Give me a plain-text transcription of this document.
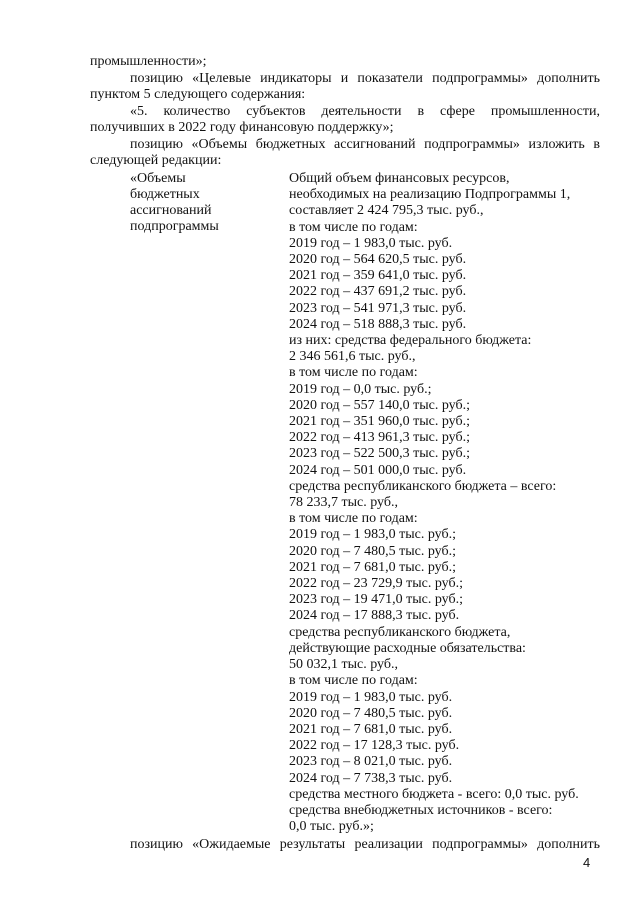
промышленности»;
позицию «Целевые индикаторы и показатели подпрограммы» дополнить
пунктом 5 следующего содержания:
«5. количество субъектов деятельности в сфере промышленности,
получивших в 2022 году финансовую поддержку»;
позицию «Объемы бюджетных ассигнований подпрограммы» изложить в
следующей редакции:
«Объемы
бюджетных
ассигнований
подпрограммы
Общий объем финансовых ресурсов,
необходимых на реализацию Подпрограммы 1,
составляет 2 424 795,3 тыс. руб.,
в том числе по годам:
2019 год – 1 983,0 тыс. руб.
2020 год – 564 620,5 тыс. руб.
2021 год – 359 641,0 тыс. руб.
2022 год – 437 691,2 тыс. руб.
2023 год – 541 971,3 тыс. руб.
2024 год – 518 888,3 тыс. руб.
из них: средства федерального бюджета:
2 346 561,6 тыс. руб.,
в том числе по годам:
2019 год – 0,0 тыс. руб.;
2020 год – 557 140,0 тыс. руб.;
2021 год – 351 960,0 тыс. руб.;
2022 год – 413 961,3 тыс. руб.;
2023 год – 522 500,3 тыс. руб.;
2024 год – 501 000,0 тыс. руб.
средства республиканского бюджета – всего:
78 233,7 тыс. руб.,
в том числе по годам:
2019 год – 1 983,0 тыс. руб.;
2020 год – 7 480,5 тыс. руб.;
2021 год – 7 681,0 тыс. руб.;
2022 год – 23 729,9 тыс. руб.;
2023 год – 19 471,0 тыс. руб.;
2024 год – 17 888,3 тыс. руб.
средства республиканского бюджета,
действующие расходные обязательства:
50 032,1 тыс. руб.,
в том числе по годам:
2019 год – 1 983,0 тыс. руб.
2020 год – 7 480,5 тыс. руб.
2021 год – 7 681,0 тыс. руб.
2022 год – 17 128,3 тыс. руб.
2023 год – 8 021,0 тыс. руб.
2024 год – 7 738,3 тыс. руб.
средства местного бюджета - всего: 0,0 тыс. руб.
средства внебюджетных источников - всего:
0,0 тыс. руб.»;
позицию «Ожидаемые результаты реализации подпрограммы» дополнить
4
